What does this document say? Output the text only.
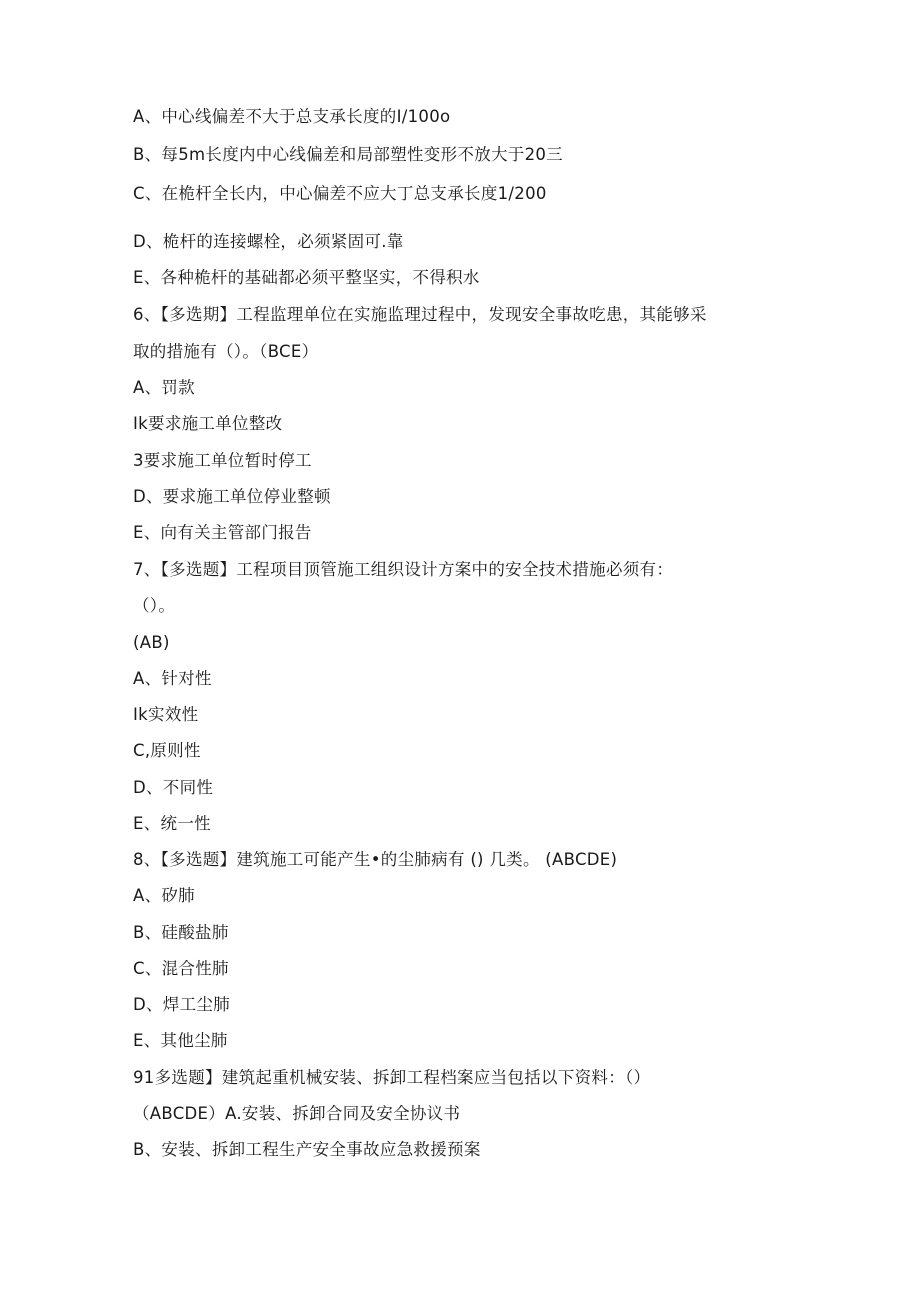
A、中心线偏差不大于总支承长度的I/100o
B、每5m长度内中心线偏差和局部塑性变形不放大于20三
C、在桅杆全长内，中心偏差不应大丁总支承长度1/200
D、桅杆的连接螺栓，必须紧固可.靠
E、各种桅杆的基础都必须平整坚实，不得积水
6、【多选期】工程监理单位在实施监理过程中，发现安全事故吃患，其能够采
取的措施有（）。（BCE）
A、罚款
Ik要求施工单位整改
3要求施工单位暂时停工
D、要求施工单位停业整顿
E、向有关主管部门报告
7、【多选题】工程项目顶管施工组织设计方案中的安全技术措施必须有：
（）。
(AB)
A、针对性
Ik实效性
C,原则性
D、不同性
E、统一性
8、【多选题】建筑施工可能产生•的尘肺病有 () 几类。 (ABCDE)
A、矽肺
B、硅酸盐肺
C、混合性肺
D、焊工尘肺
E、其他尘肺
91多选题】建筑起重机械安装、拆卸工程档案应当包括以下资料：（）
（ABCDE）A.安装、拆卸合同及安全协议书
B、安装、拆卸工程生产安全事故应急救援预案
